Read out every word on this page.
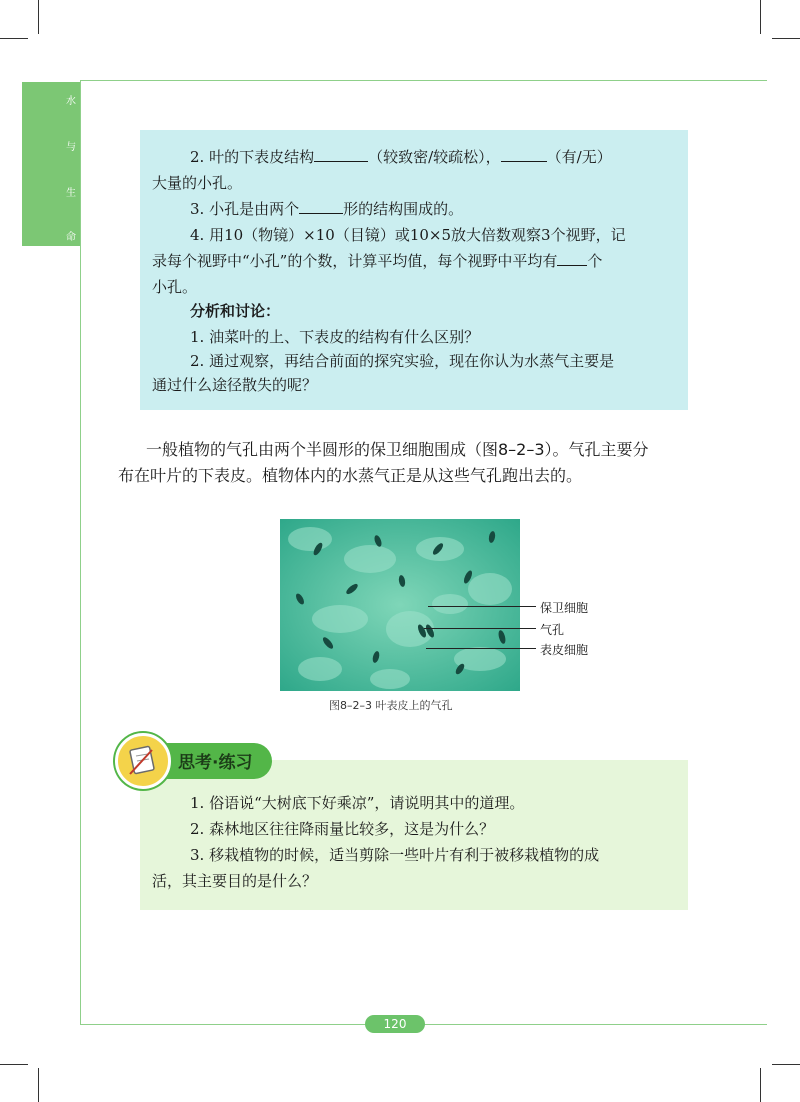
水
与
生
命
2. 叶的下表皮结构	（较致密/较疏松），	（有/无）
大量的小孔。
3. 小孔是由两个	形的结构围成的。
4. 用10（物镜）×10（目镜）或10×5放大倍数观察3个视野，记
录每个视野中“小孔”的个数，计算平均值，每个视野中平均有 个
小孔。
分析和讨论：
1. 油菜叶的上、下表皮的结构有什么区别？
2. 通过观察，再结合前面的探究实验，现在你认为水蒸气主要是
通过什么途径散失的呢？
一般植物的气孔由两个半圆形的保卫细胞围成（图8–2–3）。气孔主要分
布在叶片的下表皮。植物体内的水蒸气正是从这些气孔跑出去的。
保卫细胞
气孔
表皮细胞
图8–2–3 叶表皮上的气孔
思考·练习
1. 俗语说“大树底下好乘凉”，请说明其中的道理。
2. 森林地区往往降雨量比较多，这是为什么？
3. 移栽植物的时候，适当剪除一些叶片有利于被移栽植物的成
活，其主要目的是什么？
120
